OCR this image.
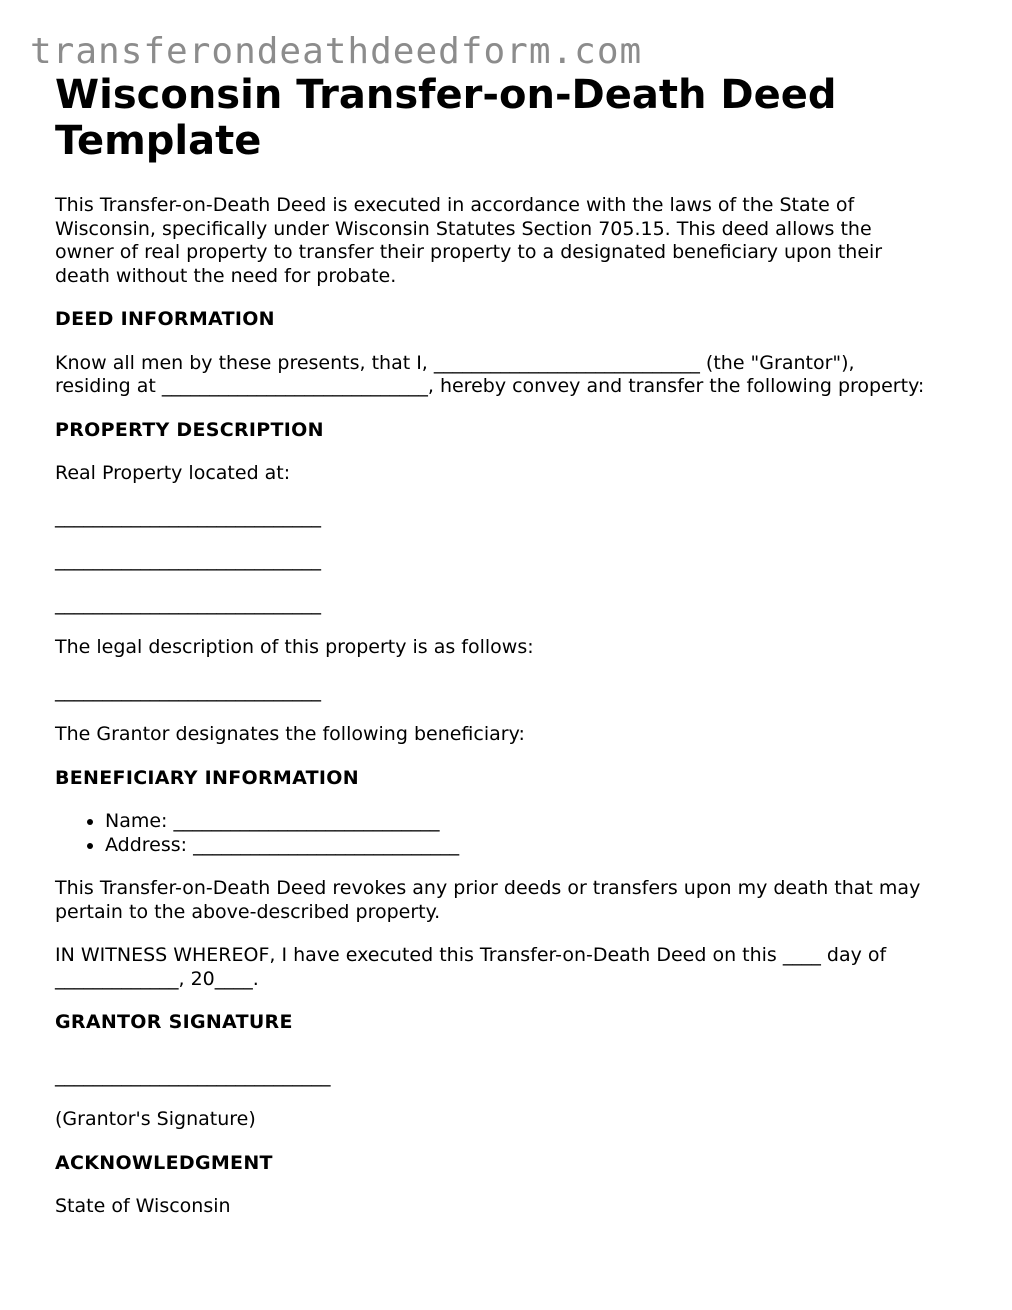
transferondeathdeedform.com
Wisconsin Transfer-on-Death Deed Template

This Transfer-on-Death Deed is executed in accordance with the laws of the State of Wisconsin, specifically under Wisconsin Statutes Section 705.15. This deed allows the owner of real property to transfer their property to a designated beneficiary upon their death without the need for probate.

DEED INFORMATION

Know all men by these presents, that I, ____________________________ (the "Grantor"), residing at ____________________________, hereby convey and transfer the following property:

PROPERTY DESCRIPTION

Real Property located at:

____________________________

____________________________

____________________________

The legal description of this property is as follows:

____________________________

The Grantor designates the following beneficiary:

BENEFICIARY INFORMATION
• Name: ____________________________
• Address: ____________________________

This Transfer-on-Death Deed revokes any prior deeds or transfers upon my death that may pertain to the above-described property.

IN WITNESS WHEREOF, I have executed this Transfer-on-Death Deed on this ____ day of _____________, 20____.

GRANTOR SIGNATURE

_____________________________

(Grantor's Signature)

ACKNOWLEDGMENT

State of Wisconsin
